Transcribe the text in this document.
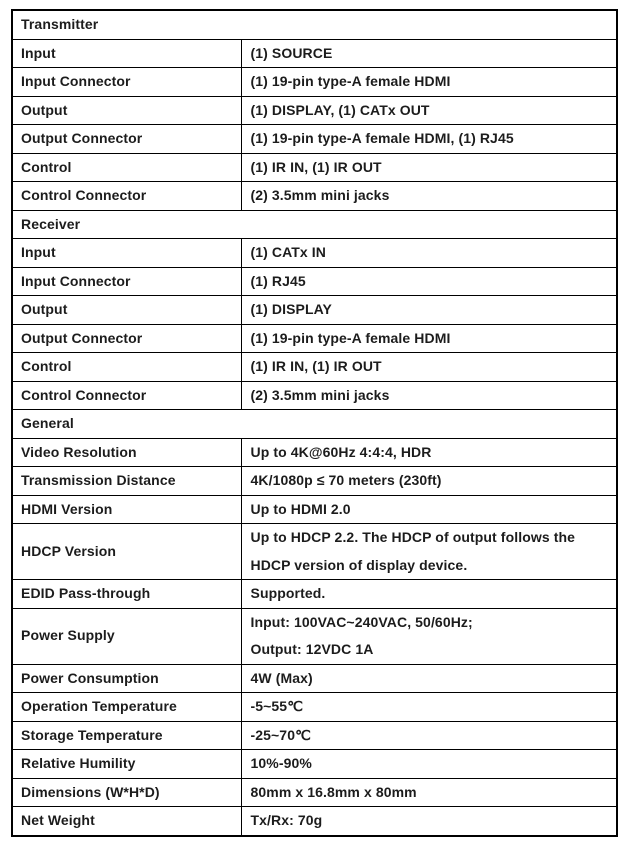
Transmitter	
Input	(1) SOURCE

Input Connector	(1) 19-pin type-A female HDMI

Output	(1) DISPLAY, (1) CATx OUT

Output Connector	(1) 19-pin type-A female HDMI, (1) RJ45

Control	(1) IR IN, (1) IR OUT

Control Connector	(2) 3.5mm mini jacks

Receiver	
Input	(1) CATx IN

Input Connector	(1) RJ45

Output	(1) DISPLAY

Output Connector	(1) 19-pin type-A female HDMI

Control	(1) IR IN, (1) IR OUT

Control Connector	(2) 3.5mm mini jacks

General	
Video Resolution	Up to 4K@60Hz 4:4:4, HDR

Transmission Distance	4K/1080p ≤ 70 meters (230ft)

HDMI Version	Up to HDMI 2.0

HDCP Version	Up to HDCP 2.2. The HDCP of output follows the
HDCP version of display device.

EDID Pass-through	Supported.

Power Supply	Input: 100VAC~240VAC, 50/60Hz;
Output: 12VDC 1A

Power Consumption	4W (Max)

Operation Temperature	-5~55℃

Storage Temperature	-25~70℃

Relative Humility	10%-90%

Dimensions (W*H*D)	80mm x 16.8mm x 80mm

Net Weight	Tx/Rx: 70g
